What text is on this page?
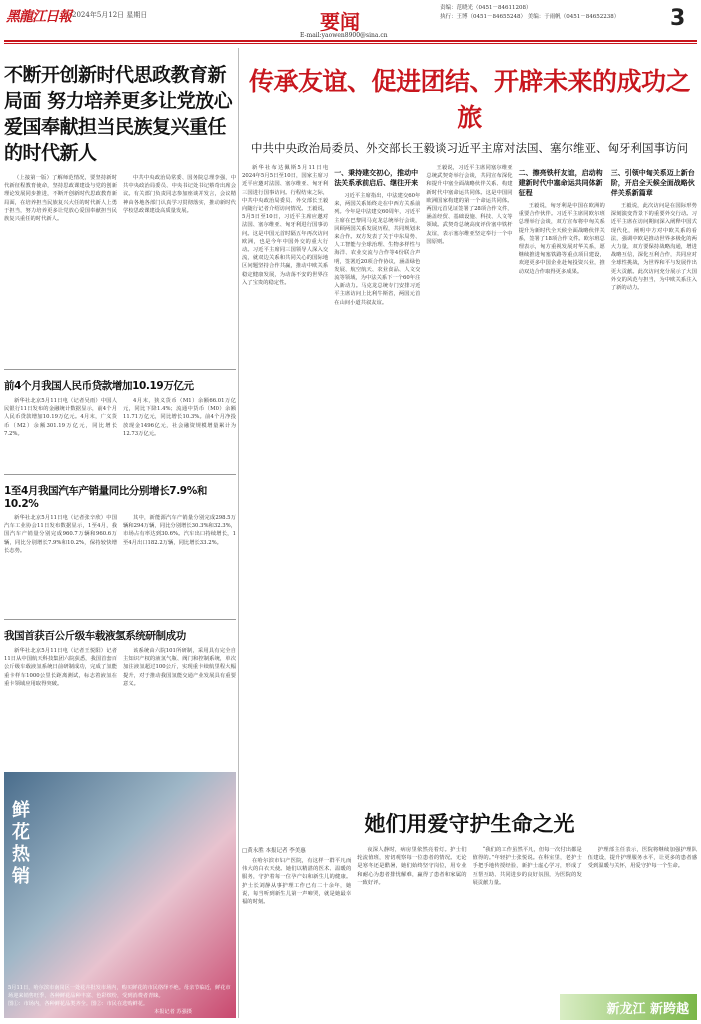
黑龍江日報 2024年5月12日 星期日	要闻
E-mail:yaowen8900@sina.cn
责编：范晓光（0451－84611208）
执行：王博（0451－84655248） 美编：于雨帆（0451－84652238）	3
不断开创新时代思政教育新局面 努力培养更多让党放心爱国奉献担当民族复兴重任的时代新人
（上接第一版）了解师范情况，要坚持新时代新征程教育使命，坚持思政课建设与党的创新理论发展同步推进，不断开创新时代思政教育新局面，在培养担当民族复兴大任的时代新人上勇于担当，努力培养更多让党放心爱国奉献担当民族复兴重任的时代新人。
中共中央政治局常委、国务院总理李强，中共中央政治局委员、中央书记处书记蔡奇出席会议。有关部门负责同志参加座谈并发言，会议精神由各地各部门认真学习贯彻落实，推动新时代学校思政课建设高质量发展。
前4个月我国人民币贷款增加10.19万亿元
新华社北京5月11日电（记者吴雨）中国人民银行11日发布的金融统计数据显示，前4个月人民币贷款增加10.19万亿元。4月末，广义货币（M2）余额301.19万亿元，同比增长7.2%。
4月末，狭义货币（M1）余额66.01万亿元，同比下降1.4%；流通中货币（M0）余额11.71万亿元，同比增长10.3%。前4个月净投放现金1496亿元，社会融资规模增量累计为12.73万亿元。
1至4月我国汽车产销量同比分别增长7.9%和10.2%
新华社北京5月11日电（记者张辛欣）中国汽车工业协会11日发布数据显示，1至4月，我国汽车产销量分别完成960.7万辆和960.6万辆，同比分别增长7.9%和10.2%，保持较快增长态势。
其中，新能源汽车产销量分别完成298.5万辆和294万辆，同比分别增长30.3%和32.3%，市场占有率达到30.6%。汽车出口持续增长，1至4月出口182.2万辆，同比增长33.2%。
我国首获百公斤级车载液氢系统研制成功
新华社北京5月11日电（记者王悦阳）记者11日从中国航天科技集团六院获悉，我国首套百公斤级车载液氢系统日前研制成功，完成了氢能重卡样车1000公里长距离测试，标志着液氢在重卡领域应用取得突破。
该系统由六院101所研制，采用具有完全自主知识产权的液氢气瓶、阀门和控制系统，单次加注液氢超过100公斤，实现重卡续航里程大幅提升，对于推动我国氢能交通产业发展具有重要意义。
鲜花热销
5月11日，哈尔滨市南岗区一处花卉批发市场内，购买鲜花的市民络绎不绝。母亲节临近，鲜花市场迎来销售旺季，各种鲜花品种丰富、色彩缤纷，受到消费者青睐。
图①：市场内，各种鲜花品类齐全。图②：市民在选购鲜花。
本报记者 苏强摄
传承友谊、促进团结、开辟未来的成功之旅
中共中央政治局委员、外交部长王毅谈习近平主席对法国、塞尔维亚、匈牙利国事访问
新华社布达佩斯5月11日电 2024年5月5日至10日，国家主席习近平应邀对法国、塞尔维亚、匈牙利三国进行国事访问。行程结束之际，中共中央政治局委员、外交部长王毅向随行记者介绍访问情况。王毅说，5月5日至10日，习近平主席应邀对法国、塞尔维亚、匈牙利进行国事访问。这是中国元首时隔五年再次访问欧洲，也是今年中国外交的重大行动。习近平主席同三国领导人深入交流，就双边关系和共同关心的国际地区问题坚持合作共赢，推动中欧关系稳定健康发展，为动荡不安的世界注入了宝贵的稳定性。
一、秉持建交初心，推动中法关系承前启后、继往开来
习近平主席指出，中法建交60年来，两国关系始终走在中西方关系前列。今年是中法建交60周年，习近平主席在巴黎同马克龙总统举行会谈，回顾两国关系发展历程，共同规划未来合作。双方发表了关于中东局势、人工智能与全球治理、生物多样性与海洋、农业交流与合作等4份联合声明，签署近20项合作协议，涵盖绿色发展、航空航天、农业食品、人文交流等领域，为中法关系下一个60年注入新动力。马克龙总统专门安排习近平主席访问上比利牛斯省，两国元首在山间小道共叙友谊。
王毅说，习近平主席同塞尔维亚总统武契奇举行会谈，共同宣布深化和提升中塞全面战略伙伴关系、构建新时代中塞命运共同体。这是中国同欧洲国家构建的第一个命运共同体。两国元首见证签署了28项合作文件，涵盖经贸、基础设施、科技、人文等领域。武契奇总统高度评价塞中铁杆友谊，表示塞尔维亚坚定奉行一个中国原则。
二、擦亮铁杆友谊，启动构建新时代中塞命运共同体新征程
王毅说，匈牙利是中国在欧洲的重要合作伙伴。习近平主席同欧尔班总理举行会谈，双方宣布将中匈关系提升为新时代全天候全面战略伙伴关系，签署了18项合作文件。欧尔班总理表示，匈方重视发展对华关系，愿继续推进匈塞铁路等重点项目建设，欢迎更多中国企业赴匈投资兴业，推动双边合作取得更多成果。
三、引领中匈关系迈上新台阶，开启全天候全面战略伙伴关系新篇章
王毅说，此次访问是在国际形势深刻演变背景下的重要外交行动。习近平主席在访问期间深入阐释中国式现代化，阐明中方对中欧关系的看法，强调中欧是推动世界多极化的两大力量，双方要保持战略沟通，增进战略互信，深化互利合作，共同应对全球性挑战，为世界和平与发展作出更大贡献。此次访问充分展示了大国外交的风范与担当，为中欧关系注入了新的动力。
她们用爱守护生命之光
□黄永胜 本报记者 李美惠
在哈尔滨市妇产医院，有这样一群平凡而伟大的白衣天使。她们以精湛的医术、温暖的服务，守护着每一位孕产妇和新生儿的健康。护士长刘静从事护理工作已有二十余年，她说，每当听到新生儿第一声啼哭，就是她最幸福的时刻。
夜深人静时，病房里依然亮着灯。护士们轮流值班，密切观察每一位患者的情况。无论是寒冬还是酷暑，她们始终坚守岗位，用专业和耐心为患者排忧解难，赢得了患者和家属的一致好评。
“我们的工作虽然平凡，但每一次付出都是值得的。”年轻护士张悦说。在科室里，老护士手把手地传授经验，新护士虚心学习，形成了互帮互助、共同进步的良好氛围，为医院的发展贡献力量。
护理部主任表示，医院将继续加强护理队伍建设，提升护理服务水平，让更多的患者感受到温暖与关怀，用爱守护每一个生命。
新龙江 新跨越
